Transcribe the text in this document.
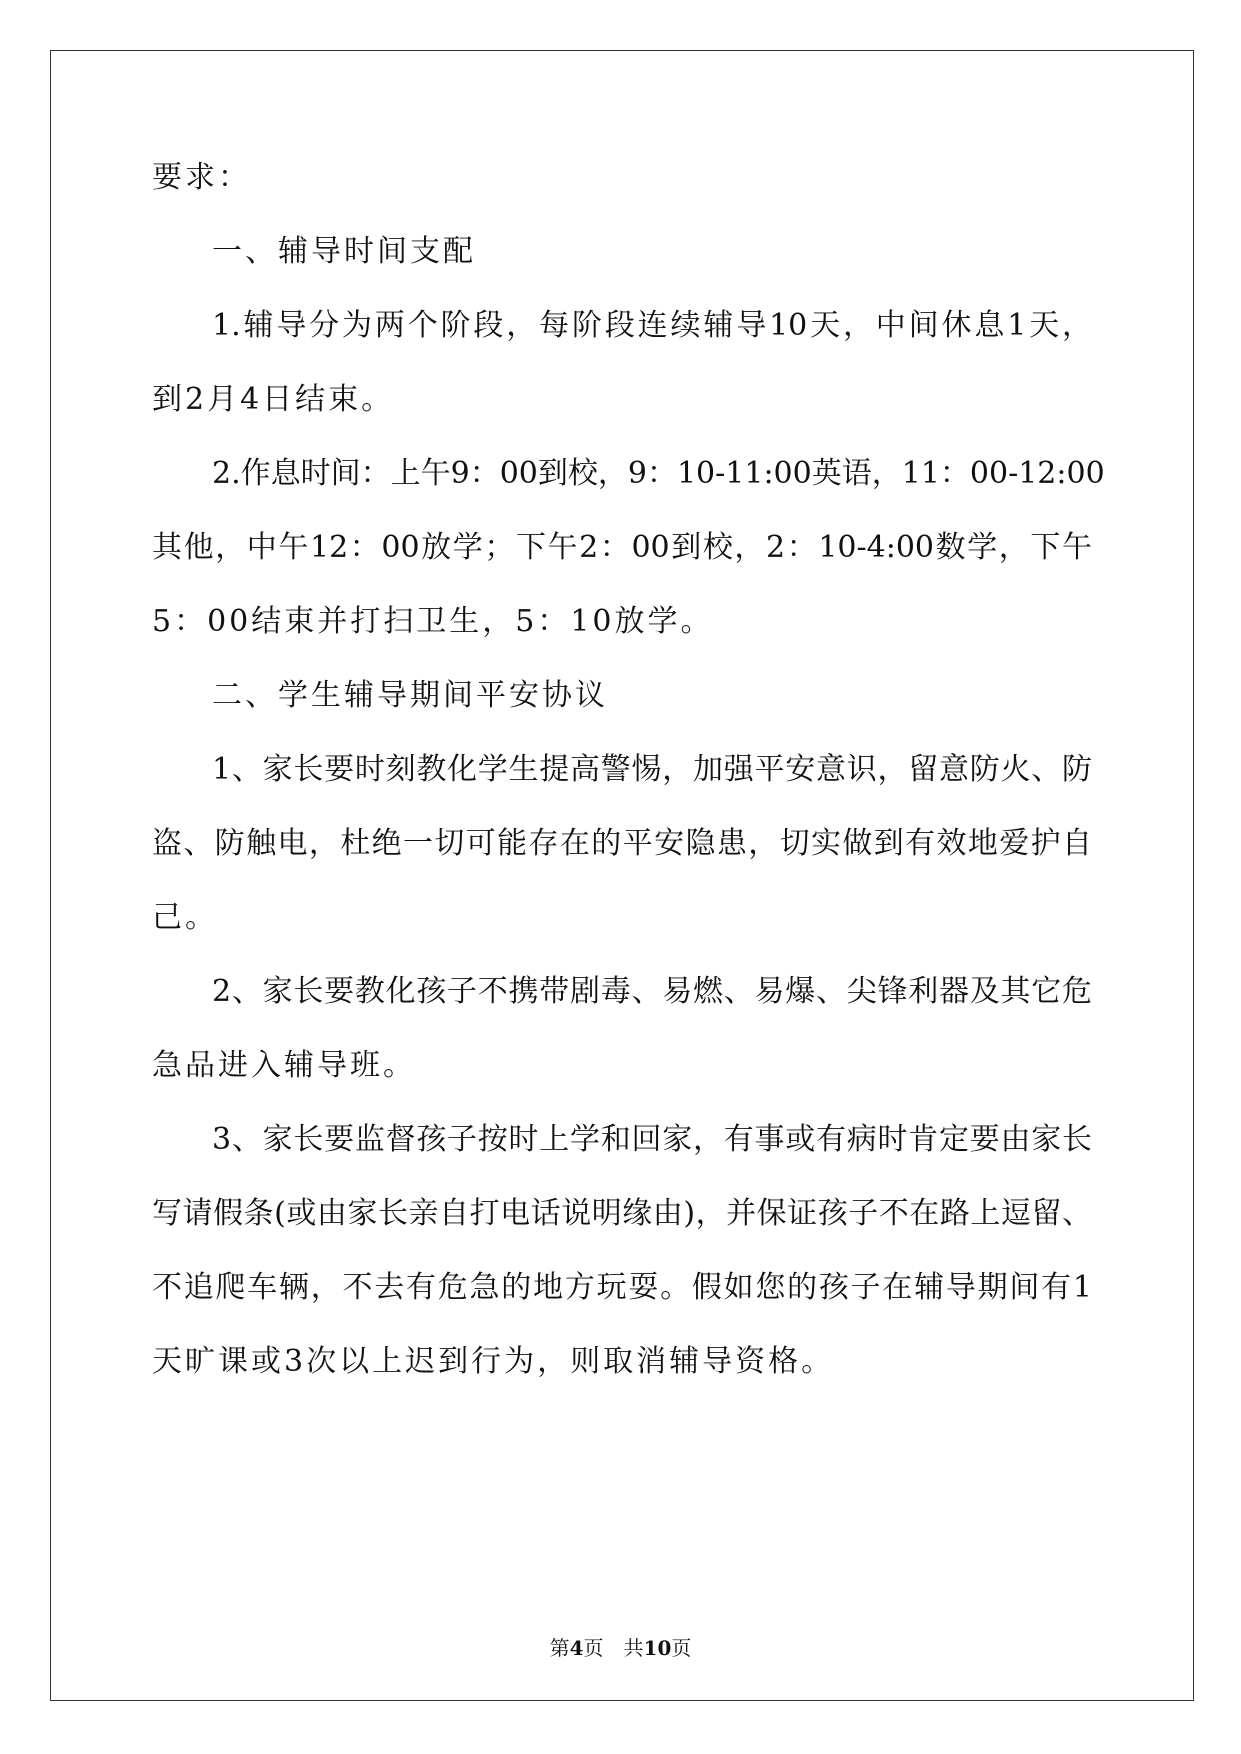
要求：
一、辅导时间支配
1.辅导分为两个阶段，每阶段连续辅导10天，中间休息1天，
到2月4日结束。
2.作息时间：上午9：00到校，9：10-11:00英语，11：00-12:00
其他，中午12：00放学；下午2：00到校，2：10-4:00数学，下午
5：00结束并打扫卫生，5：10放学。
二、学生辅导期间平安协议
1、家长要时刻教化学生提高警惕，加强平安意识，留意防火、防
盗、防触电，杜绝一切可能存在的平安隐患，切实做到有效地爱护自
己。
2、家长要教化孩子不携带剧毒、易燃、易爆、尖锋利器及其它危
急品进入辅导班。
3、家长要监督孩子按时上学和回家，有事或有病时肯定要由家长
写请假条(或由家长亲自打电话说明缘由)，并保证孩子不在路上逗留、
不追爬车辆，不去有危急的地方玩耍。假如您的孩子在辅导期间有1
天旷课或3次以上迟到行为，则取消辅导资格。
第4页　共10页
